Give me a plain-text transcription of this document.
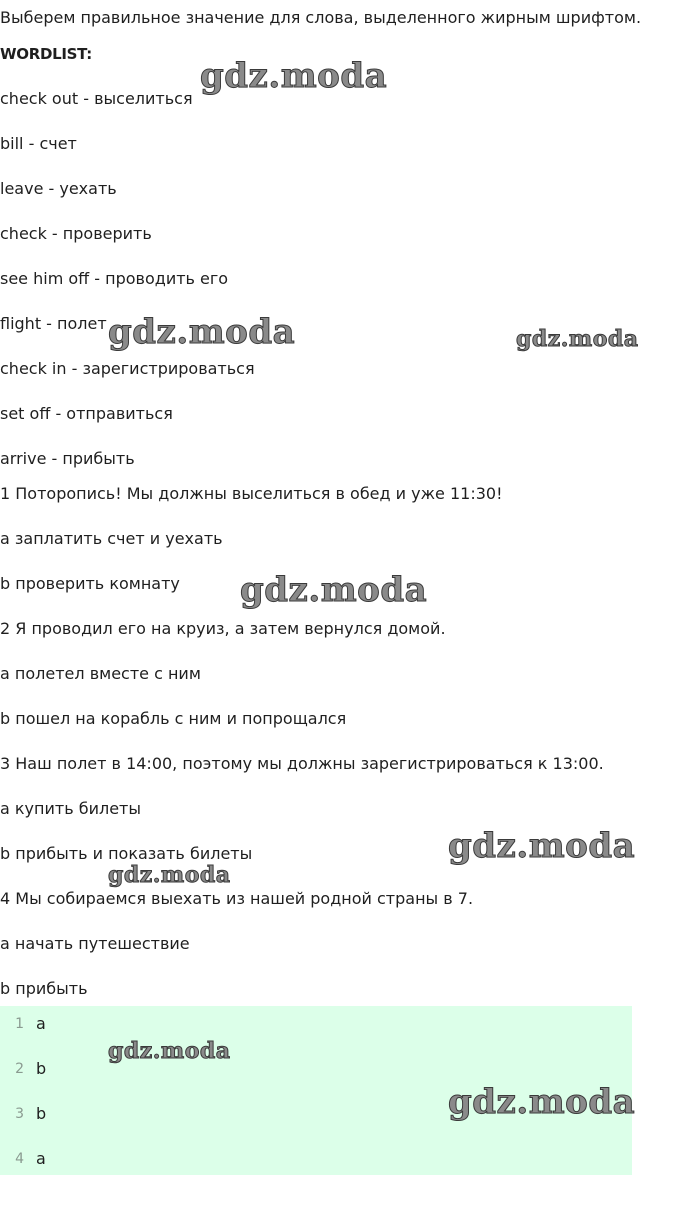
Выберем правильное значение для слова, выделенного жирным шрифтом.
WORDLIST:
check out - выселиться
bill - счет
leave - уехать
check - проверить
see him off - проводить его
flight - полет
check in - зарегистрироваться
set off - отправиться
arrive - прибыть
1 Поторопись! Мы должны выселиться в обед и уже 11:30!
a заплатить счет и уехать
b проверить комнату
2 Я проводил его на круиз, а затем вернулся домой.
a полетел вместе с ним
b пошел на корабль с ним и попрощался
3 Наш полет в 14:00, поэтому мы должны зарегистрироваться к 13:00.
a купить билеты
b прибыть и показать билеты
4 Мы собираемся выехать из нашей родной страны в 7.
a начать путешествие
b прибыть
1 a
2 b
3 b
4 a
gdz.moda
gdz.moda	gdz.moda
gdz.moda
gdz.moda
gdz.moda
gdz.moda
gdz.moda
